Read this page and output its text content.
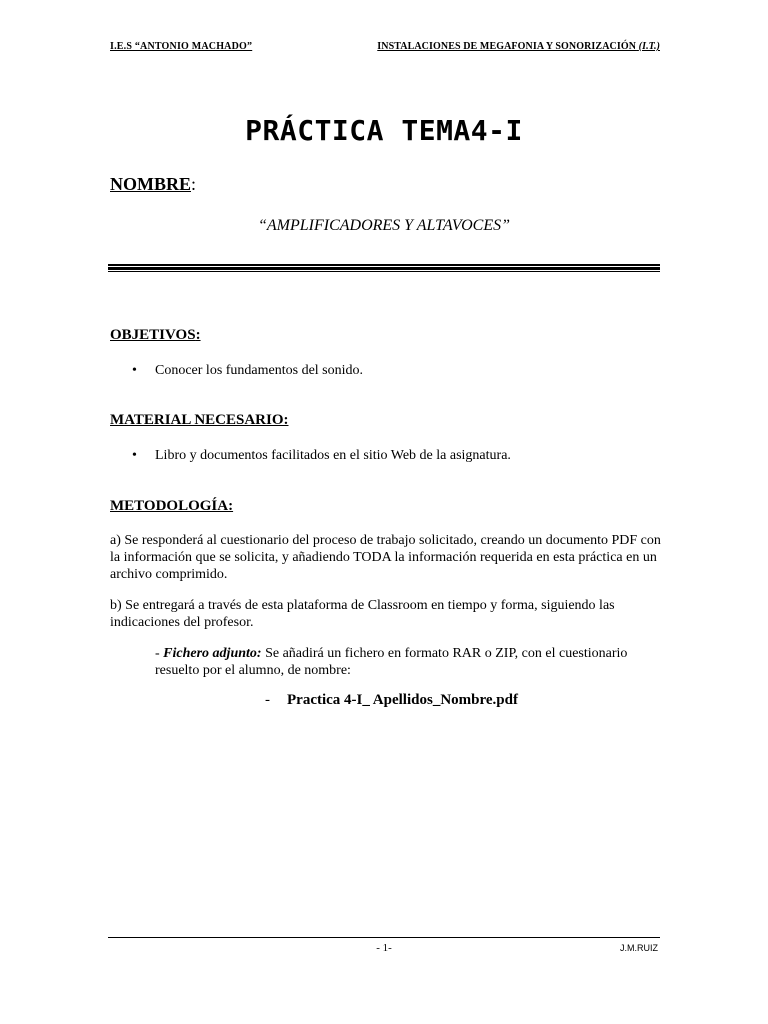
I.E.S “ANTONIO MACHADO”	INSTALACIONES DE MEGAFONIA Y SONORIZACIÓN (I.T.)
PRÁCTICA TEMA4-I
NOMBRE:
“AMPLIFICADORES Y ALTAVOCES”
OBJETIVOS:
• Conocer los fundamentos del sonido.
MATERIAL NECESARIO:
• Libro y documentos facilitados en el sitio Web de la asignatura.
METODOLOGÍA:
a) Se responderá al cuestionario del proceso de trabajo solicitado, creando un documento PDF con la información que se solicita, y añadiendo TODA la información requerida en esta práctica en un archivo comprimido.
b) Se entregará a través de esta plataforma de Classroom en tiempo y forma, siguiendo las indicaciones del profesor.
- Fichero adjunto: Se añadirá un fichero en formato RAR o ZIP, con el cuestionario resuelto por el alumno, de nombre:
- Practica 4-I_ Apellidos_Nombre.pdf
- 1-	J.M.RUIZ
